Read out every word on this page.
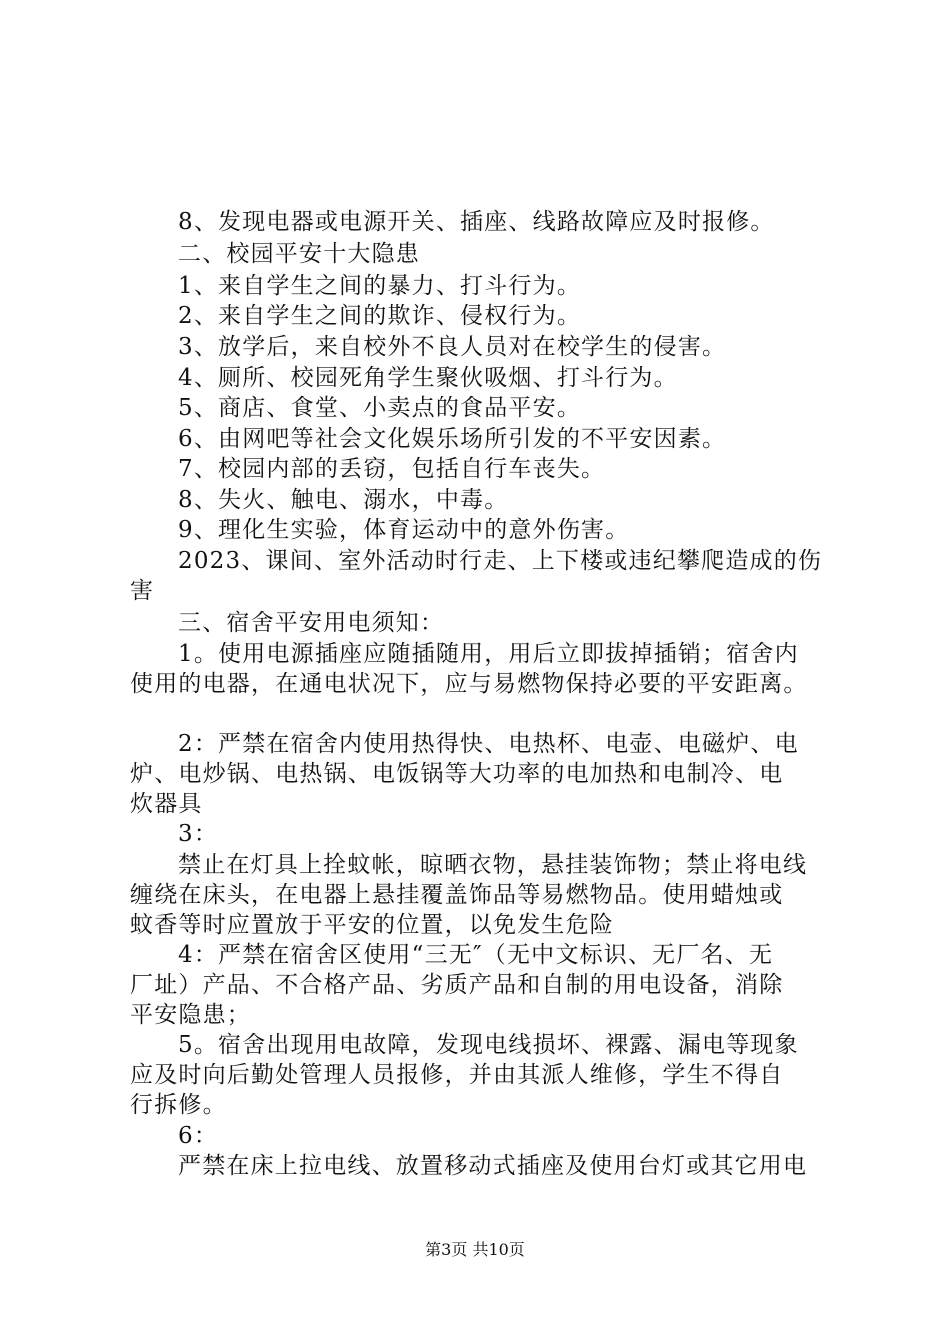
8、发现电器或电源开关、插座、线路故障应及时报修。
二、校园平安十大隐患
1、来自学生之间的暴力、打斗行为。
2、来自学生之间的欺诈、侵权行为。
3、放学后，来自校外不良人员对在校学生的侵害。
4、厕所、校园死角学生聚伙吸烟、打斗行为。
5、商店、食堂、小卖点的食品平安。
6、由网吧等社会文化娱乐场所引发的不平安因素。
7、校园内部的丢窃，包括自行车丧失。
8、失火、触电、溺水，中毒。
9、理化生实验，体育运动中的意外伤害。
2023、课间、室外活动时行走、上下楼或违纪攀爬造成的伤
害
三、宿舍平安用电须知：
1。使用电源插座应随插随用，用后立即拔掉插销；宿舍内
使用的电器，在通电状况下，应与易燃物保持必要的平安距离。
2：严禁在宿舍内使用热得快、电热杯、电壶、电磁炉、电
炉、电炒锅、电热锅、电饭锅等大功率的电加热和电制冷、电
炊器具
3：
禁止在灯具上拴蚊帐，晾晒衣物，悬挂装饰物；禁止将电线
缠绕在床头，在电器上悬挂覆盖饰品等易燃物品。使用蜡烛或
蚊香等时应置放于平安的位置，以免发生危险
4：严禁在宿舍区使用“三无″（无中文标识、无厂名、无
厂址）产品、不合格产品、劣质产品和自制的用电设备，消除
平安隐患；
5。宿舍出现用电故障，发现电线损坏、裸露、漏电等现象
应及时向后勤处管理人员报修，并由其派人维修，学生不得自
行拆修。
6：
严禁在床上拉电线、放置移动式插座及使用台灯或其它用电
第3页 共10页
